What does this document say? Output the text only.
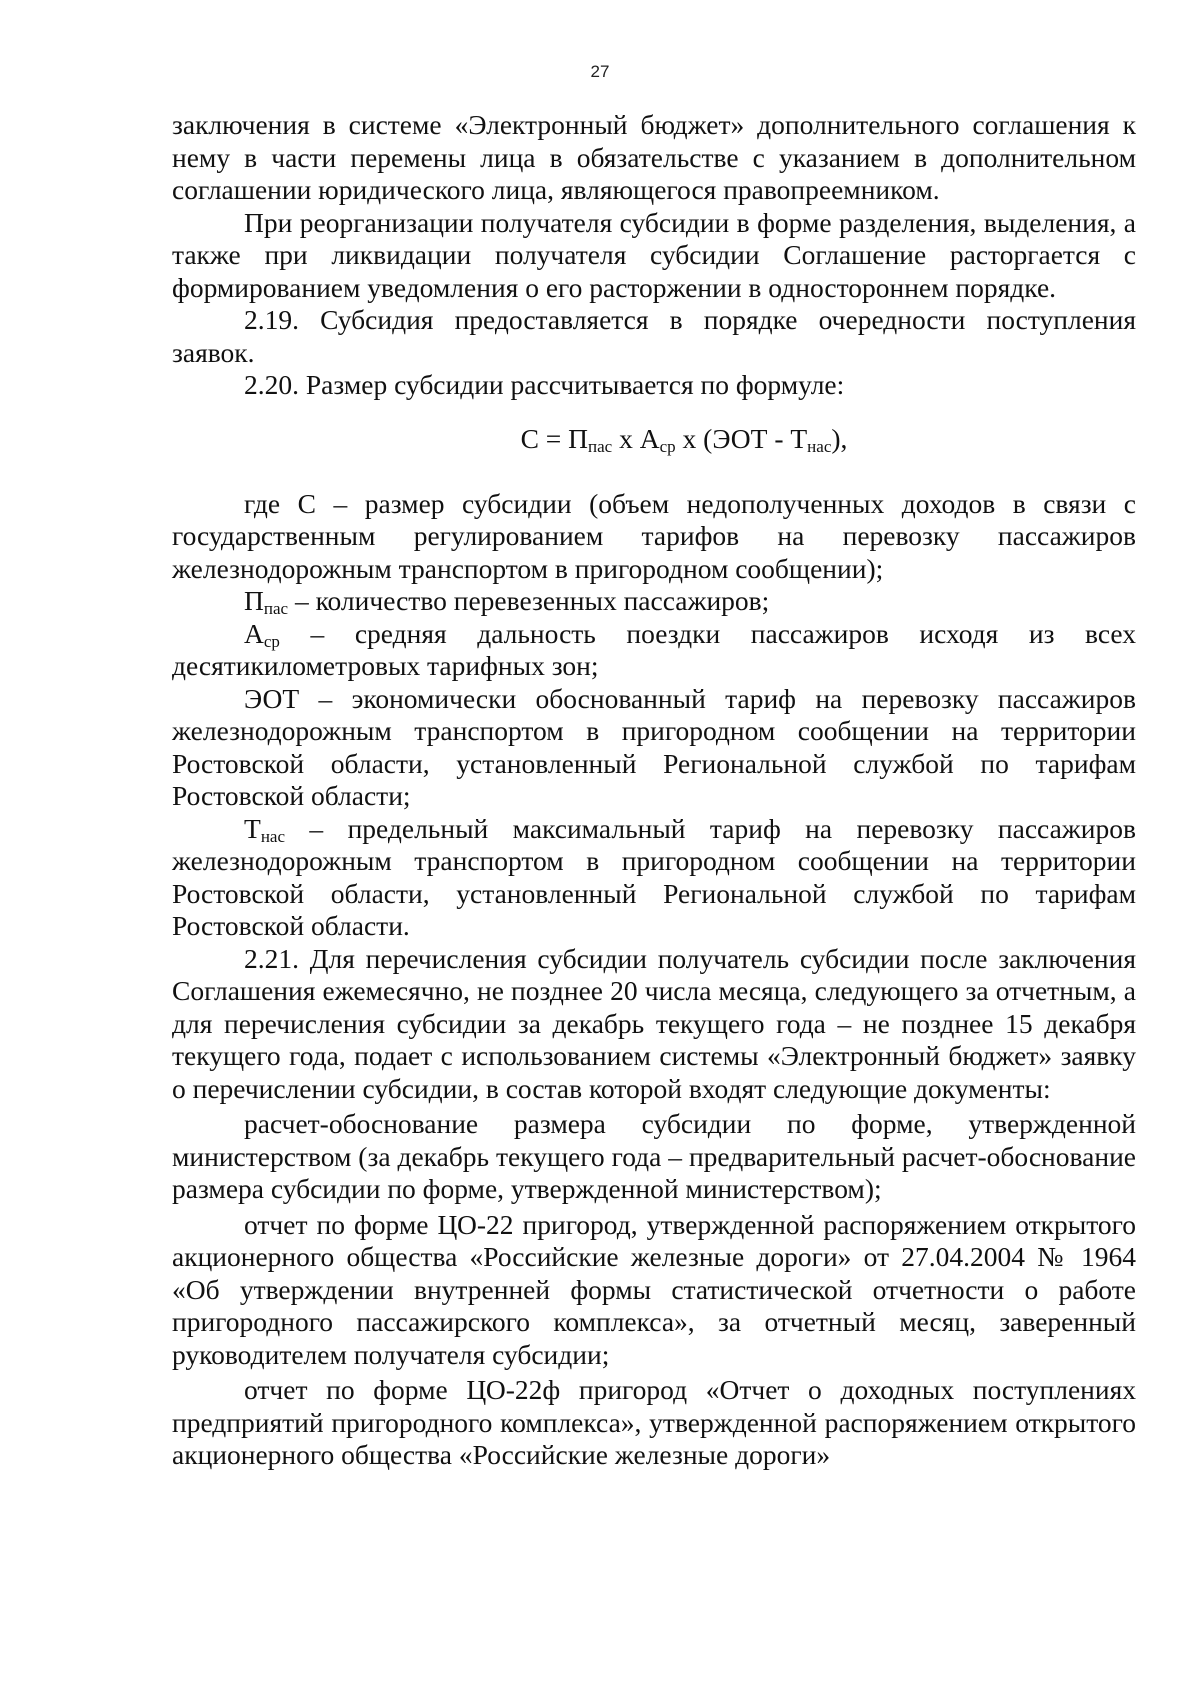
27

заключения в системе «Электронный бюджет» дополнительного соглашения к нему в части перемены лица в обязательстве с указанием в дополнительном соглашении юридического лица, являющегося правопреемником.

При реорганизации получателя субсидии в форме разделения, выделения, а также при ликвидации получателя субсидии Соглашение расторгается с формированием уведомления о его расторжении в одностороннем порядке.

2.19. Субсидия предоставляется в порядке очередности поступления заявок.

2.20. Размер субсидии рассчитывается по формуле:

$С = П_{пас}$ х $А_{ср}$ х $(ЭОТ - Т_{нас})$,

где С – размер субсидии (объем недополученных доходов в связи с государственным регулированием тарифов на перевозку пассажиров железнодорожным транспортом в пригородном сообщении);

$П_{пас}$ – количество перевезенных пассажиров;

$А_{ср}$ – средняя дальность поездки пассажиров исходя из всех десятикилометровых тарифных зон;

ЭОТ – экономически обоснованный тариф на перевозку пассажиров железнодорожным транспортом в пригородном сообщении на территории Ростовской области, установленный Региональной службой по тарифам Ростовской области;

$Т_{нас}$ – предельный максимальный тариф на перевозку пассажиров железнодорожным транспортом в пригородном сообщении на территории Ростовской области, установленный Региональной службой по тарифам Ростовской области.

2.21. Для перечисления субсидии получатель субсидии после заключения Соглашения ежемесячно, не позднее 20 числа месяца, следующего за отчетным, а для перечисления субсидии за декабрь текущего года – не позднее 15 декабря текущего года, подает с использованием системы «Электронный бюджет» заявку о перечислении субсидии, в состав которой входят следующие документы:

расчет-обоснование размера субсидии по форме, утвержденной министерством (за декабрь текущего года – предварительный расчет-обоснование размера субсидии по форме, утвержденной министерством);

отчет по форме ЦО-22 пригород, утвержденной распоряжением открытого акционерного общества «Российские железные дороги» от 27.04.2004 № 1964 «Об утверждении внутренней формы статистической отчетности о работе пригородного пассажирского комплекса», за отчетный месяц, заверенный руководителем получателя субсидии;

отчет по форме ЦО-22ф пригород «Отчет о доходных поступлениях предприятий пригородного комплекса», утвержденной распоряжением открытого акционерного общества «Российские железные дороги»
